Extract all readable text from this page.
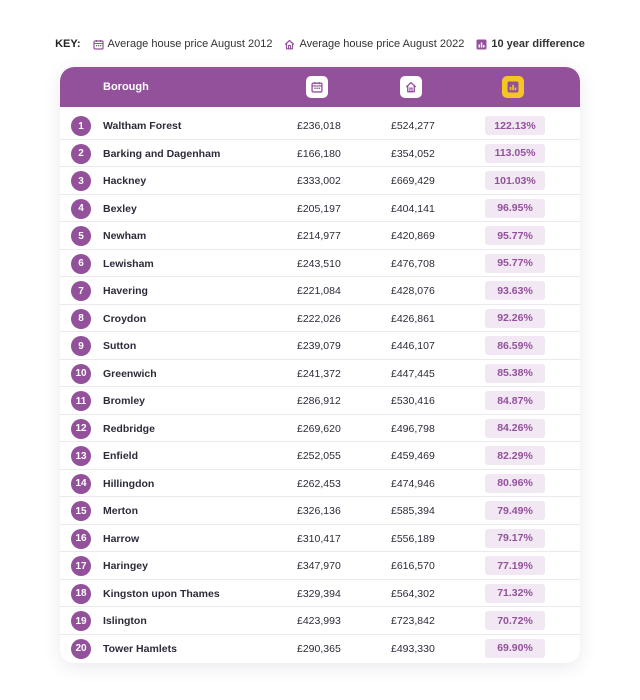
KEY: Average house price August 2012 Average house price August 2022 10 year difference
Borough
1	Waltham Forest	£236,018	£524,277	122.13%
2	Barking and Dagenham	£166,180	£354,052	113.05%
3	Hackney	£333,002	£669,429	101.03%
4	Bexley	£205,197	£404,141	96.95%
5	Newham	£214,977	£420,869	95.77%
6	Lewisham	£243,510	£476,708	95.77%
7	Havering	£221,084	£428,076	93.63%
8	Croydon	£222,026	£426,861	92.26%
9	Sutton	£239,079	£446,107	86.59%
10	Greenwich	£241,372	£447,445	85.38%
11	Bromley	£286,912	£530,416	84.87%
12	Redbridge	£269,620	£496,798	84.26%
13	Enfield	£252,055	£459,469	82.29%
14	Hillingdon	£262,453	£474,946	80.96%
15	Merton	£326,136	£585,394	79.49%
16	Harrow	£310,417	£556,189	79.17%
17	Haringey	£347,970	£616,570	77.19%
18	Kingston upon Thames	£329,394	£564,302	71.32%
19	Islington	£423,993	£723,842	70.72%
20	Tower Hamlets	£290,365	£493,330	69.90%
